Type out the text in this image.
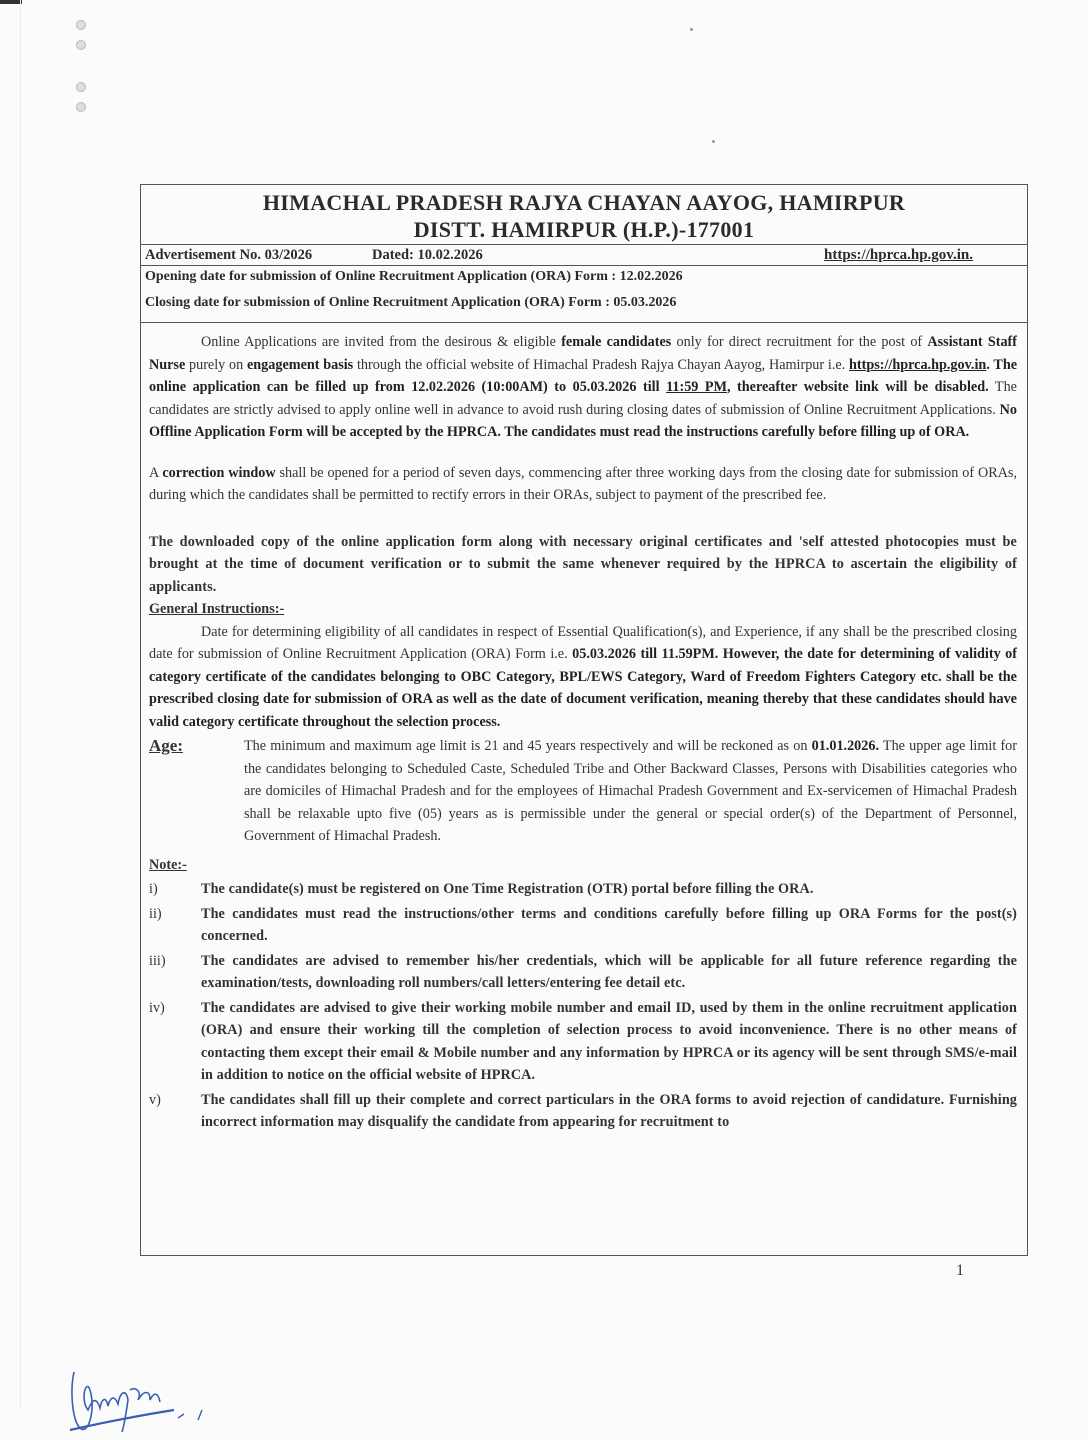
HIMACHAL PRADESH RAJYA CHAYAN AAYOG, HAMIRPUR
DISTT. HAMIRPUR (H.P.)-177001
Advertisement No. 03/2026	Dated: 10.02.2026	https://hprca.hp.gov.in.
Opening date for submission of Online Recruitment Application (ORA) Form : 12.02.2026
Closing date for submission of Online Recruitment Application (ORA) Form : 05.03.2026

Online Applications are invited from the desirous & eligible female candidates only for direct recruitment for the post of Assistant Staff Nurse purely on engagement basis through the official website of Himachal Pradesh Rajya Chayan Aayog, Hamirpur i.e. https://hprca.hp.gov.in. The online application can be filled up from 12.02.2026 (10:00AM) to 05.03.2026 till 11:59 PM, thereafter website link will be disabled. The candidates are strictly advised to apply online well in advance to avoid rush during closing dates of submission of Online Recruitment Applications. No Offline Application Form will be accepted by the HPRCA. The candidates must read the instructions carefully before filling up of ORA.

A correction window shall be opened for a period of seven days, commencing after three working days from the closing date for submission of ORAs, during which the candidates shall be permitted to rectify errors in their ORAs, subject to payment of the prescribed fee.

The downloaded copy of the online application form along with necessary original certificates and 'self attested photocopies must be brought at the time of document verification or to submit the same whenever required by the HPRCA to ascertain the eligibility of applicants.

General Instructions:-

Date for determining eligibility of all candidates in respect of Essential Qualification(s), and Experience, if any shall be the prescribed closing date for submission of Online Recruitment Application (ORA) Form i.e. 05.03.2026 till 11.59PM. However, the date for determining of validity of category certificate of the candidates belonging to OBC Category, BPL/EWS Category, Ward of Freedom Fighters Category etc. shall be the prescribed closing date for submission of ORA as well as the date of document verification, meaning thereby that these candidates should have valid category certificate throughout the selection process.

Age:	The minimum and maximum age limit is 21 and 45 years respectively and will be reckoned as on 01.01.2026. The upper age limit for the candidates belonging to Scheduled Caste, Scheduled Tribe and Other Backward Classes, Persons with Disabilities categories who are domiciles of Himachal Pradesh and for the employees of Himachal Pradesh Government and Ex-servicemen of Himachal Pradesh shall be relaxable upto five (05) years as is permissible under the general or special order(s) of the Department of Personnel, Government of Himachal Pradesh.
Note:-
i)	The candidate(s) must be registered on One Time Registration (OTR) portal before filling the ORA.
ii)	The candidates must read the instructions/other terms and conditions carefully before filling up ORA Forms for the post(s) concerned.
iii)	The candidates are advised to remember his/her credentials, which will be applicable for all future reference regarding the examination/tests, downloading roll numbers/call letters/entering fee detail etc.
iv)	The candidates are advised to give their working mobile number and email ID, used by them in the online recruitment application (ORA) and ensure their working till the completion of selection process to avoid inconvenience. There is no other means of contacting them except their email & Mobile number and any information by HPRCA or its agency will be sent through SMS/e-mail in addition to notice on the official website of HPRCA.
v)	The candidates shall fill up their complete and correct particulars in the ORA forms to avoid rejection of candidature. Furnishing incorrect information may disqualify the candidate from appearing for recruitment to
1
